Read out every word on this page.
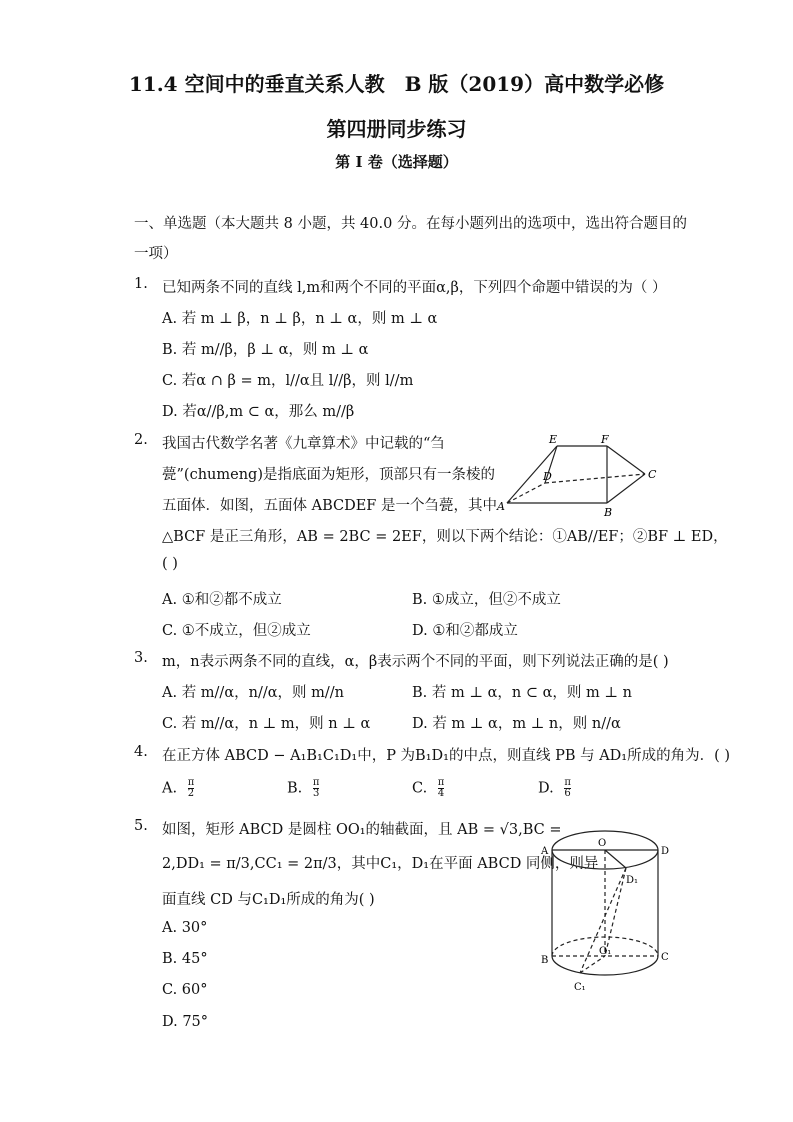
11.4 空间中的垂直关系人教　B 版（2019）高中数学必修
第四册同步练习
第 I 卷（选择题）
一、单选题（本大题共 8 小题，共 40.0 分。在每小题列出的选项中，选出符合题目的
一项）
1. 已知两条不同的直线 l,m和两个不同的平面α,β，下列四个命题中错误的为（ ）
A. 若 m ⊥ β，n ⊥ β，n ⊥ α，则 m ⊥ α
B. 若 m//β，β ⊥ α，则 m ⊥ α
C. 若α ∩ β = m，l//α且 l//β，则 l//m
D. 若α//β,m ⊂ α，那么 m//β
2. 我国古代数学名著《九章算术》中记载的“刍
甍”(chumeng)是指底面为矩形，顶部只有一条棱的
五面体．如图，五面体 ABCDEF 是一个刍甍，其中
△BCF 是正三角形，AB = 2BC = 2EF，则以下两个结论：①AB//EF；②BF ⊥ ED，
( )
E	F
C
D
A	B
A. ①和②都不成立	B. ①成立，但②不成立
C. ①不成立，但②成立	D. ①和②都成立
3. m，n表示两条不同的直线，α，β表示两个不同的平面，则下列说法正确的是( )
A. 若 m//α，n//α，则 m//n	B. 若 m ⊥ α，n ⊂ α，则 m ⊥ n
C. 若 m//α，n ⊥ m，则 n ⊥ α	D. 若 m ⊥ α，m ⊥ n，则 n//α
4. 在正方体 ABCD − A₁B₁C₁D₁中，P 为B₁D₁的中点，则直线 PB 与 AD₁所成的角为．( )
A. $\frac{\pi}{2}$	B. $\frac{\pi}{3}$	C. $\frac{\pi}{4}$	D. $\frac{\pi}{6}$
5. 如图，矩形 ABCD 是圆柱 OO₁的轴截面，且 AB = √3,BC =
2,DD₁ = π/3,CC₁ = 2π/3，其中C₁，D₁在平面 ABCD 同侧，则异
面直线 CD 与C₁D₁所成的角为( )
A. 30°
B. 45°
C. 60°
D. 75°
O
A	D
D₁
O₁
B	C
C₁
